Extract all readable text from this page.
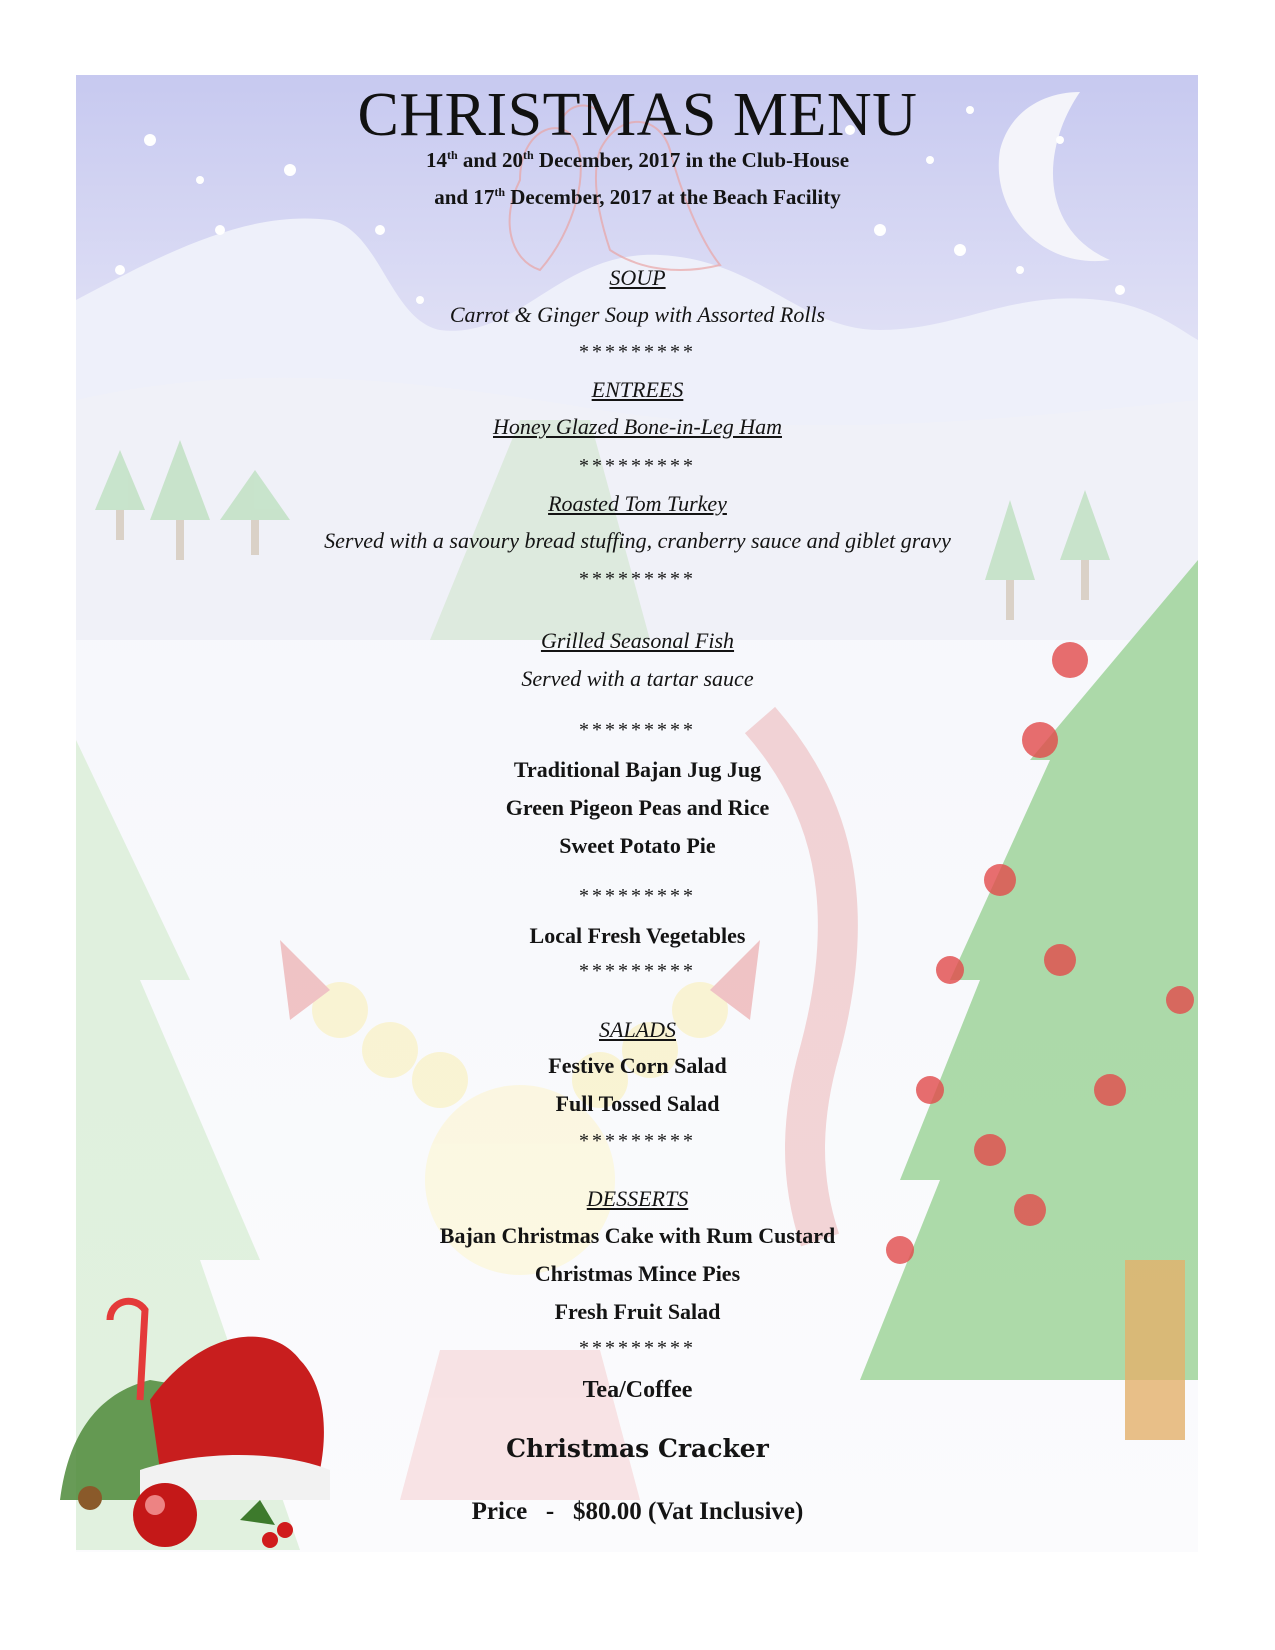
CHRISTMAS MENU
14th and 20th December, 2017 in the Club-House
and 17th December, 2017 at the Beach Facility
SOUP
Carrot & Ginger Soup with Assorted Rolls
*********
ENTREES
Honey Glazed Bone-in-Leg Ham
*********
Roasted Tom Turkey
Served with a savoury bread stuffing, cranberry sauce and giblet gravy
*********
Grilled Seasonal Fish
Served with a tartar sauce
*********
Traditional Bajan Jug Jug
Green Pigeon Peas and Rice
Sweet Potato Pie
*********
Local Fresh Vegetables
*********
SALADS
Festive Corn Salad
Full Tossed Salad
*********
DESSERTS
Bajan Christmas Cake with Rum Custard
Christmas Mince Pies
Fresh Fruit Salad
*********
Tea/Coffee
Christmas Cracker
Price   -   $80.00 (Vat Inclusive)
